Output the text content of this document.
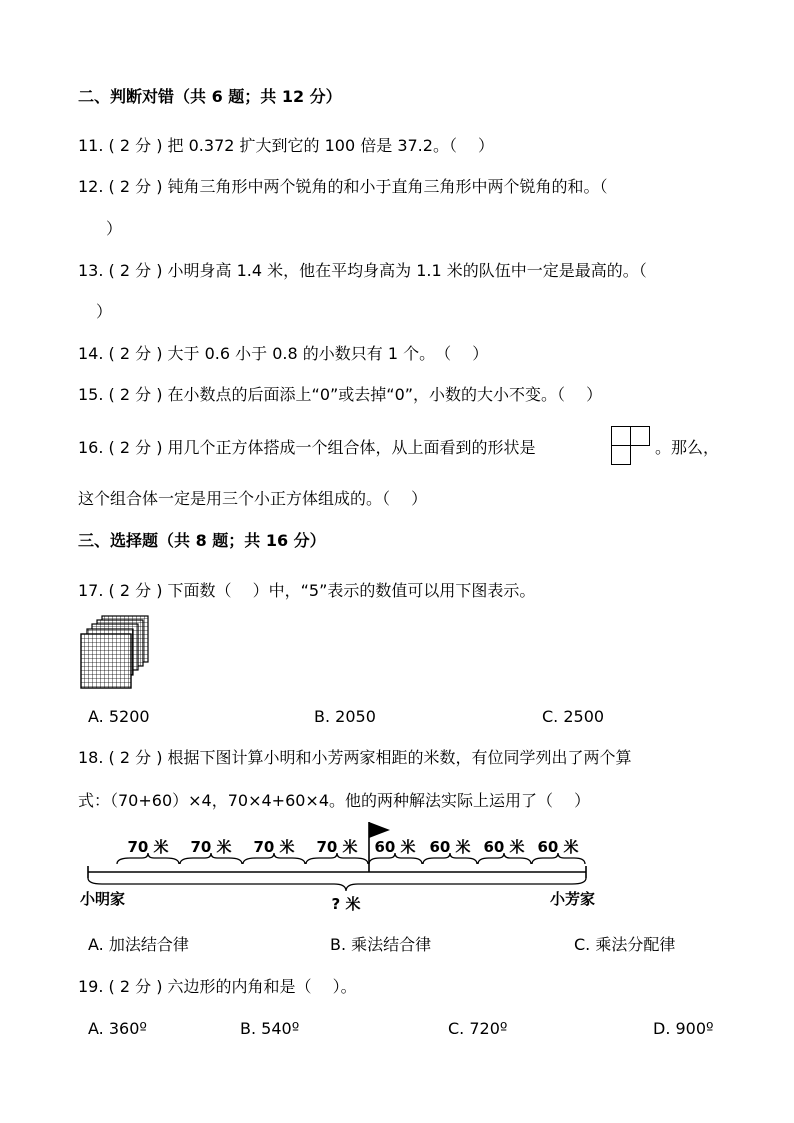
二、判断对错（共 6 题；共 12 分）
11. ( 2 分 ) 把 0.372 扩大到它的 100 倍是 37.2。（　 ）
12. ( 2 分 ) 钝角三角形中两个锐角的和小于直角三角形中两个锐角的和。（
）
13. ( 2 分 ) 小明身高 1.4 米，他在平均身高为 1.1 米的队伍中一定是最高的。（
）
14. ( 2 分 ) 大于 0.6 小于 0.8 的小数只有 1 个。　（　 ）
15. ( 2 分 ) 在小数点的后面添上“0”或去掉“0”，小数的大小不变。（　 ）
16. ( 2 分 ) 用几个正方体搭成一个组合体，从上面看到的形状是	。那么，
这个组合体一定是用三个小正方体组成的。（　 ）
三、选择题（共 8 题；共 16 分）
17. ( 2 分 ) 下面数（　 ）中，“5”表示的数值可以用下图表示。
A. 5200	B. 2050	C. 2500
18. ( 2 分 ) 根据下图计算小明和小芳两家相距的米数，有位同学列出了两个算
式：（70+60）×4，70×4+60×4。他的两种解法实际上运用了（　 ）
70 米 70 米 70 米 70 米 60 米 60 米 60 米 60 米
小明家	小芳家
? 米
A. 加法结合律	B. 乘法结合律	C. 乘法分配律
19. ( 2 分 ) 六边形的内角和是（　 ）。
A. 360º	B. 540º	C. 720º	D. 900º
